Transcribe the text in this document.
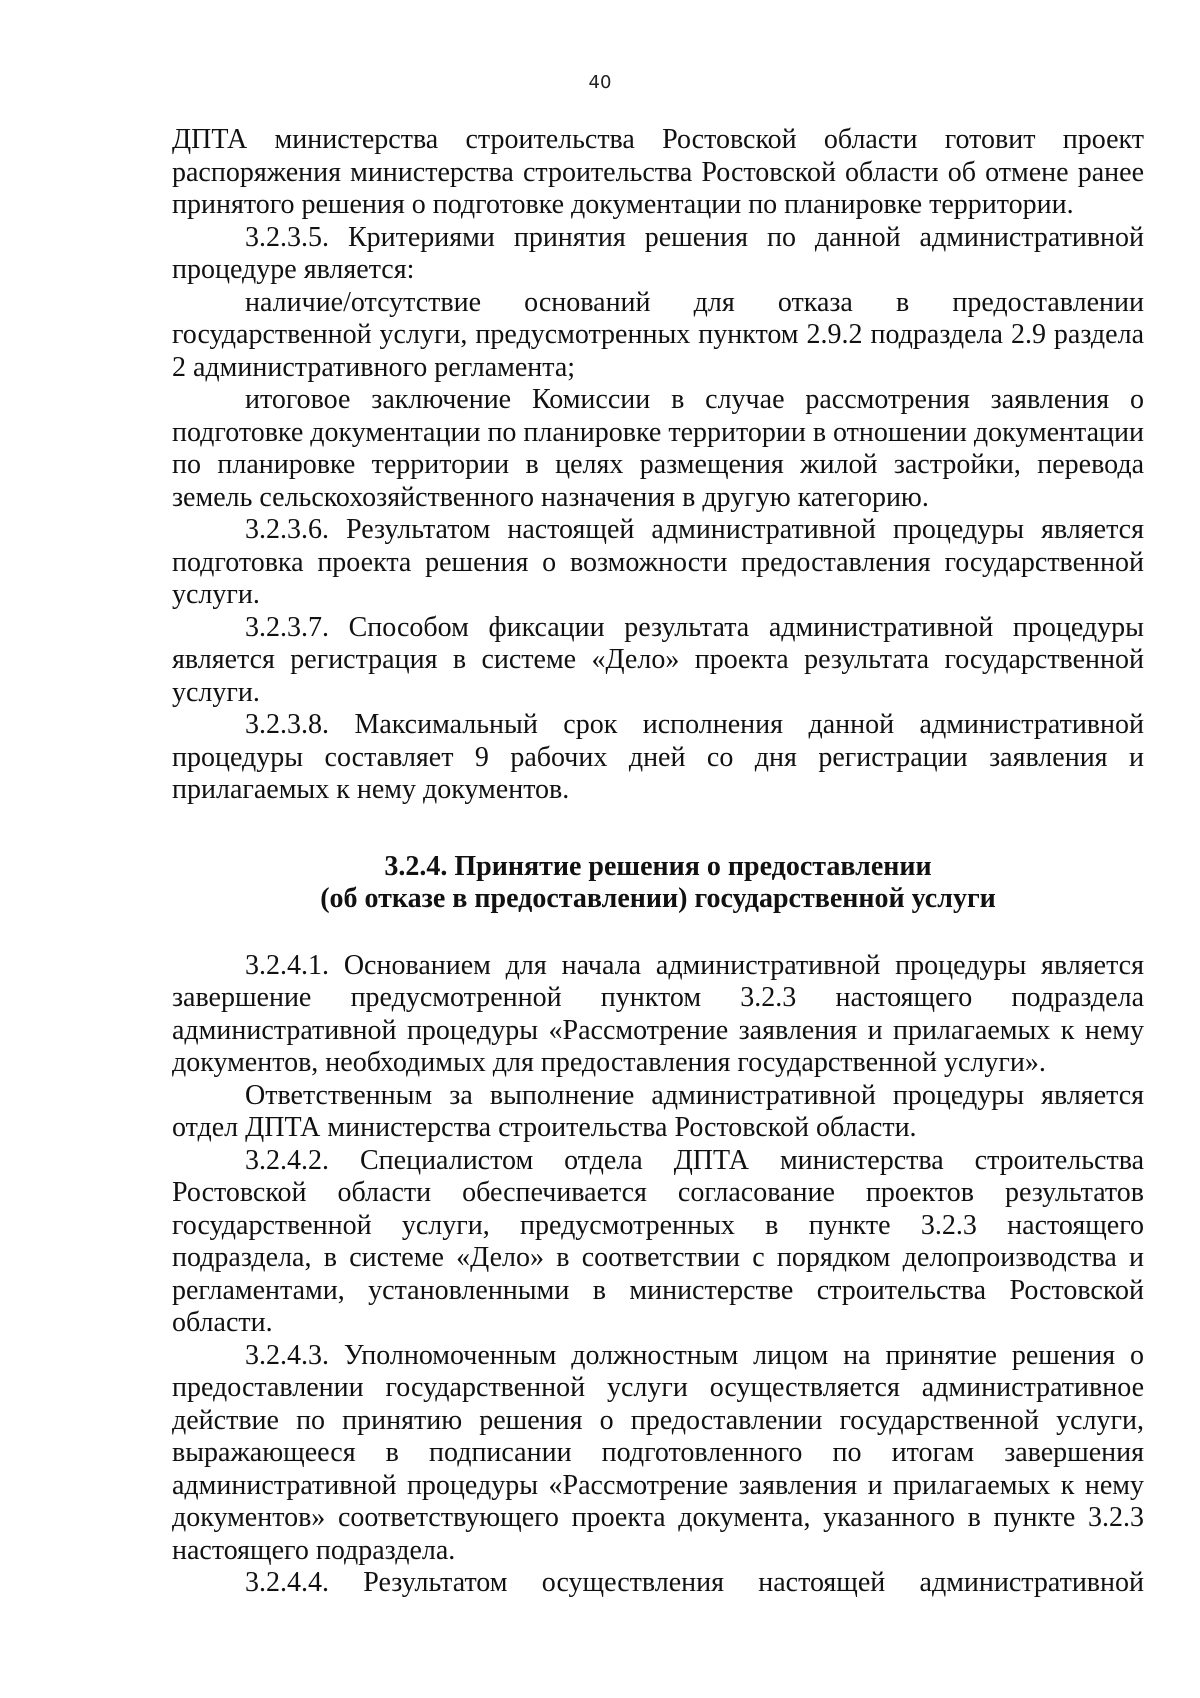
40

ДПТА министерства строительства Ростовской области готовит проект распоряжения министерства строительства Ростовской области об отмене ранее принятого решения о подготовке документации по планировке территории.

3.2.3.5. Критериями принятия решения по данной административной процедуре является:

наличие/отсутствие оснований для отказа в предоставлении государственной услуги, предусмотренных пунктом 2.9.2 подраздела 2.9 раздела 2 административного регламента;

итоговое заключение Комиссии в случае рассмотрения заявления о подготовке документации по планировке территории в отношении документации по планировке территории в целях размещения жилой застройки, перевода земель сельскохозяйственного назначения в другую категорию.

3.2.3.6. Результатом настоящей административной процедуры является подготовка проекта решения о возможности предоставления государственной услуги.

3.2.3.7. Способом фиксации результата административной процедуры является регистрация в системе «Дело» проекта результата государственной услуги.

3.2.3.8. Максимальный срок исполнения данной административной процедуры составляет 9 рабочих дней со дня регистрации заявления и прилагаемых к нему документов.

3.2.4. Принятие решения о предоставлении
(об отказе в предоставлении) государственной услуги

3.2.4.1. Основанием для начала административной процедуры является завершение предусмотренной пунктом 3.2.3 настоящего подраздела административной процедуры «Рассмотрение заявления и прилагаемых к нему документов, необходимых для предоставления государственной услуги».

Ответственным за выполнение административной процедуры является отдел ДПТА министерства строительства Ростовской области.

3.2.4.2. Специалистом отдела ДПТА министерства строительства Ростовской области обеспечивается согласование проектов результатов государственной услуги, предусмотренных в пункте 3.2.3 настоящего подраздела, в системе «Дело» в соответствии с порядком делопроизводства и регламентами, установленными в министерстве строительства Ростовской области.

3.2.4.3. Уполномоченным должностным лицом на принятие решения о предоставлении государственной услуги осуществляется административное действие по принятию решения о предоставлении государственной услуги, выражающееся в подписании подготовленного по итогам завершения административной процедуры «Рассмотрение заявления и прилагаемых к нему документов» соответствующего проекта документа, указанного в пункте 3.2.3 настоящего подраздела.

3.2.4.4. Результатом осуществления настоящей административной
